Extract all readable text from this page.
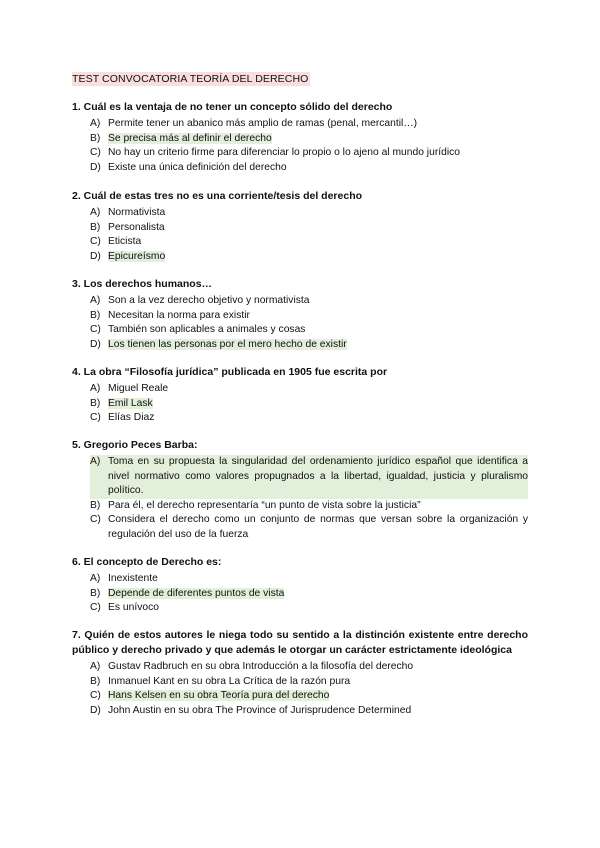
TEST CONVOCATORIA TEORÍA DEL DERECHO

1. Cuál es la ventaja de no tener un concepto sólido del derecho

A) Permite tener un abanico más amplio de ramas (penal, mercantil…)
B) Se precisa más al definir el derecho
C) No hay un criterio firme para diferenciar lo propio o lo ajeno al mundo jurídico
D) Existe una única definición del derecho

2. Cuál de estas tres no es una corriente/tesis del derecho

A) Normativista
B) Personalista
C) Eticista
D) Epicureísmo

3. Los derechos humanos…

A) Son a la vez derecho objetivo y normativista
B) Necesitan la norma para existir
C) También son aplicables a animales y cosas
D) Los tienen las personas por el mero hecho de existir

4. La obra “Filosofía jurídica” publicada en 1905 fue escrita por

A) Miguel Reale
B) Emil Lask
C) Elías Diaz

5. Gregorio Peces Barba:

A) Toma en su propuesta la singularidad del ordenamiento jurídico español que identifica a nivel normativo como valores propugnados a la libertad, igualdad, justicia y pluralismo político.
B) Para él, el derecho representaría “un punto de vista sobre la justicia”
C) Considera el derecho como un conjunto de normas que versan sobre la organización y regulación del uso de la fuerza

6. El concepto de Derecho es:

A) Inexistente
B) Depende de diferentes puntos de vista
C) Es unívoco

7. Quién de estos autores le niega todo su sentido a la distinción existente entre derecho público y derecho privado y que además le otorgar un carácter estrictamente ideológica

A) Gustav Radbruch en su obra Introducción a la filosofía del derecho
B) Inmanuel Kant en su obra La Crítica de la razón pura
C) Hans Kelsen en su obra Teoría pura del derecho
D) John Austin en su obra The Province of Jurisprudence Determined
